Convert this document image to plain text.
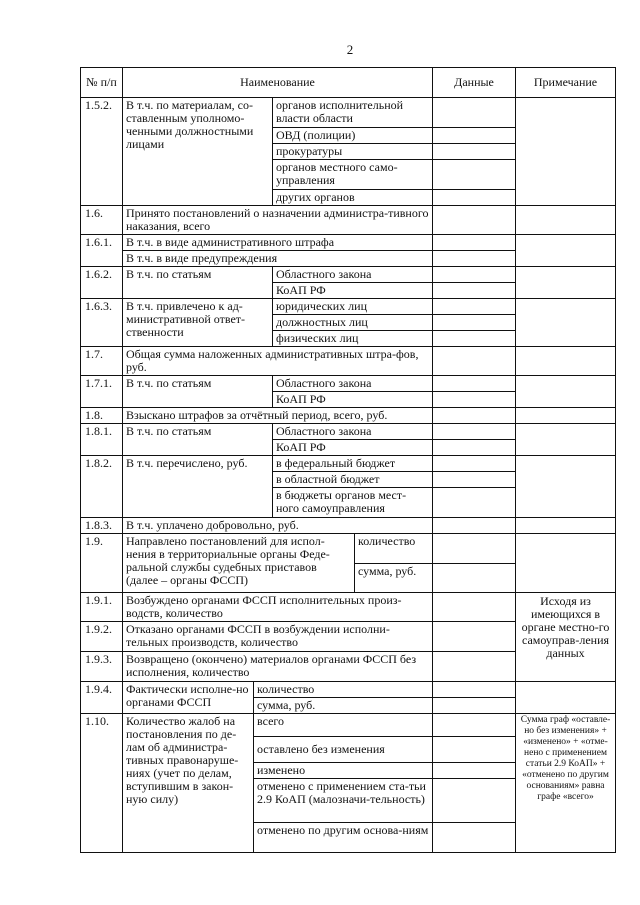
2
№ п/п	Наименование				Данные	Примечание
1.5.2.	В т.ч. по материалам, со-ставленным уполномо-ченными должностными лицами		органов исполнительной власти области			
			ОВД (полиции)			
			прокуратуры			
			органов местного само-управления			
			других органов			
1.6.	Принято постановлений о назначении администра-тивного наказания, всего					
1.6.1.	В т.ч. в виде административного штрафа					
	В т.ч. в виде предупреждения					
1.6.2.	В т.ч. по статьям		Областного закона			
			КоАП РФ			
1.6.3.	В т.ч. привлечено к ад-министративной ответ-ственности		юридических лиц			
			должностных лиц			
			физических лиц			
1.7.	Общая сумма наложенных административных штра-фов, руб.					
1.7.1.	В т.ч. по статьям		Областного закона			
			КоАП РФ			
1.8.	Взыскано штрафов за отчётный период, всего, руб.					
1.8.1.	В т.ч. по статьям		Областного закона			
			КоАП РФ			
1.8.2.	В т.ч. перечислено, руб.		в федеральный бюджет			
			в областной бюджет			
			в бюджеты органов мест-ного самоуправления			
1.8.3.	В т.ч. уплачено добровольно, руб.					
1.9.	Направлено постановлений для испол-нения в территориальные органы Феде-ральной службы судебных приставов (далее – органы ФССП)			количество		
				сумма, руб.		
1.9.1.	Возбуждено органами ФССП исполнительных произ-водств, количество					Исходя из имеющихся в органе местно-го самоуправ-ления данных
1.9.2.	Отказано органами ФССП в возбуждении исполни-тельных производств, количество					
1.9.3.	Возвращено (окончено) материалов органами ФССП без исполнения, количество					
1.9.4.	Фактически исполне-но органами ФССП	количество				
		сумма, руб.				
1.10.	Количество жалоб на постановления по де-лам об администра-тивных правонаруше-ниях (учет по делам, вступившим в закон-ную силу)	всего				Сумма граф «оставле-но без изменения» + «изменено» + «отме-нено с применением статьи 2.9 КоАП» + «отменено по другим основаниям» равна графе «всего»
		оставлено без изменения				
		изменено				
		отменено с применением ста-тьи 2.9 КоАП (малозначи-тельность)				
		отменено по другим основа-ниям				
